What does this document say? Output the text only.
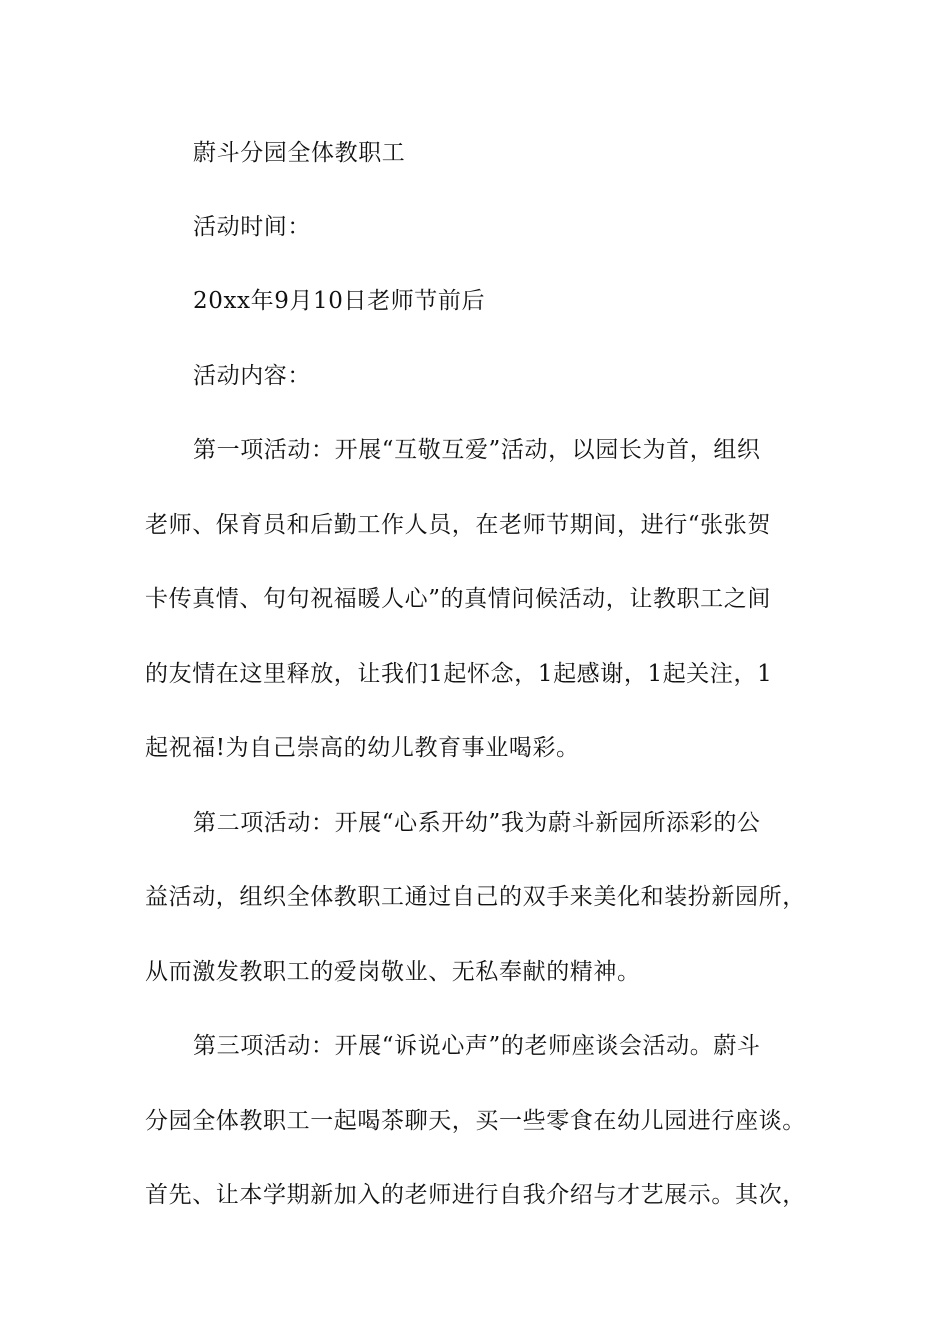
蔚斗分园全体教职工
活动时间：
20xx年9月10日老师节前后
活动内容：
第一项活动：开展“互敬互爱”活动，以园长为首，组织
老师、保育员和后勤工作人员，在老师节期间，进行“张张贺
卡传真情、句句祝福暖人心”的真情问候活动，让教职工之间
的友情在这里释放，让我们1起怀念，1起感谢，1起关注，1
起祝福!为自己崇高的幼儿教育事业喝彩。
第二项活动：开展“心系开幼”我为蔚斗新园所添彩的公
益活动，组织全体教职工通过自己的双手来美化和装扮新园所，
从而激发教职工的爱岗敬业、无私奉献的精神。
第三项活动：开展“诉说心声”的老师座谈会活动。蔚斗
分园全体教职工一起喝茶聊天，买一些零食在幼儿园进行座谈。
首先、让本学期新加入的老师进行自我介绍与才艺展示。其次，
